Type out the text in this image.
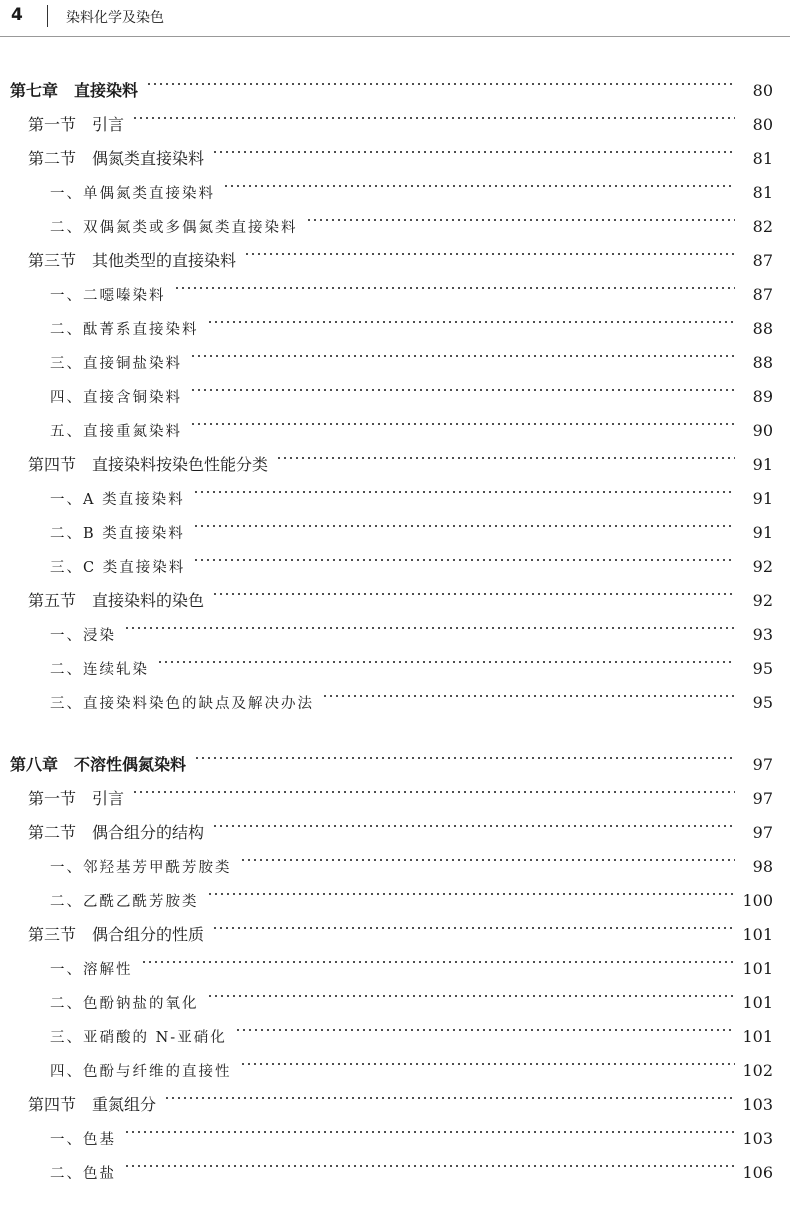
4	染料化学及染色
第七章　直接染料	80
第一节　引言	80
第二节　偶氮类直接染料	81
一、单偶氮类直接染料	81
二、双偶氮类或多偶氮类直接染料	82
第三节　其他类型的直接染料	87
一、二噁嗪染料	87
二、酞菁系直接染料	88
三、直接铜盐染料	88
四、直接含铜染料	89
五、直接重氮染料	90
第四节　直接染料按染色性能分类	91
一、A 类直接染料	91
二、B 类直接染料	91
三、C 类直接染料	92
第五节　直接染料的染色	92
一、浸染	93
二、连续轧染	95
三、直接染料染色的缺点及解决办法	95
第八章　不溶性偶氮染料	97
第一节　引言	97
第二节　偶合组分的结构	97
一、邻羟基芳甲酰芳胺类	98
二、乙酰乙酰芳胺类	100
第三节　偶合组分的性质	101
一、溶解性	101
二、色酚钠盐的氧化	101
三、亚硝酸的 N-亚硝化	101
四、色酚与纤维的直接性	102
第四节　重氮组分	103
一、色基	103
二、色盐	106
